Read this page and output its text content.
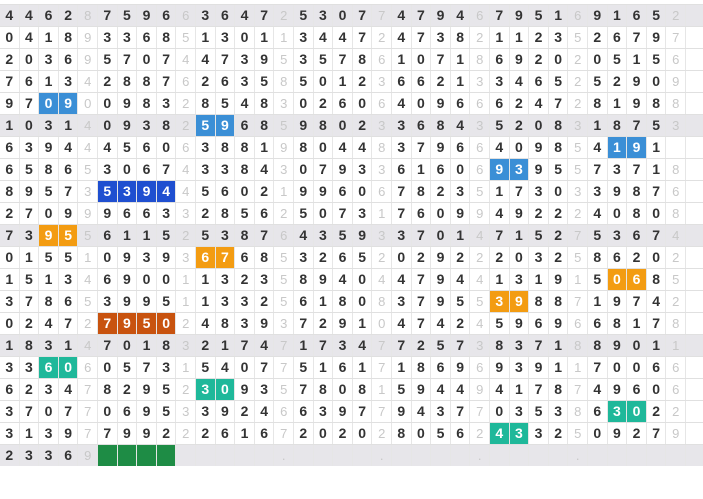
4 4 6 2 8 7 5 9 6 6 3 6 4 7 2 5 3 0 7 7 4 7 9 4 6 7 9 5 1 6 9 1 6 5 2
0 4 1 8 9 3 3 6 8 5 1 3 0 1 1 3 4 4 7 2 4 7 3 8 2 1 1 2 3 5 2 6 7 9 7
2 0 3 6 9 5 7 0 7 4 4 7 3 9 5 3 5 7 8 6 1 0 7 1 8 6 9 2 0 2 0 5 1 5 6
7 6 1 3 4 2 8 8 7 6 2 6 3 5 8 5 0 1 2 3 6 6 2 1 3 3 4 6 5 2 5 2 9 0 9
9 7 0 9 0 0 9 8 3 2 8 5 4 8 3 0 2 6 0 6 4 0 9 6 6 6 2 4 7 2 8 1 9 8 8
1 0 3 1 4 0 9 3 8 2 5 9 6 8 5 9 8 0 2 3 3 6 8 4 3 5 2 0 8 3 1 8 7 5 3
6 3 9 4 4 4 5 6 0 6 3 8 8 1 9 8 0 4 4 8 3 7 9 6 6 4 0 9 8 5 4 1 9 1
6 5 8 6 5 3 0 6 7 4 3 3 8 4 3 0 7 9 3 3 6 1 6 0 6 9 3 9 5 5 7 3 7 1 8
8 9 5 7 3 5 3 9 4 4 5 6 0 2 1 9 9 6 0 6 7 8 2 3 5 1 7 3 0 3 3 9 8 7 6
2 7 0 9 9 9 6 6 3 3 2 8 5 6 2 5 0 7 3 1 7 6 0 9 9 4 9 2 2 2 4 0 8 0 8
7 3 9 5 5 6 1 1 5 2 5 3 8 7 6 4 3 5 9 3 3 7 0 1 4 7 1 5 2 7 5 3 6 7 4
0 1 5 5 1 0 9 3 9 3 6 7 6 8 5 3 2 6 5 2 0 2 9 2 2 2 0 3 2 5 8 6 2 0 2
1 5 1 3 4 6 9 0 0 1 1 3 2 3 5 8 9 4 0 4 4 7 9 4 4 1 3 1 9 1 5 0 6 8 5
3 7 8 6 5 3 9 9 5 1 1 3 3 2 5 6 1 8 0 8 3 7 9 5 5 3 9 8 8 7 1 9 7 4 2
0 2 4 7 2 7 9 5 0 2 4 8 3 9 3 7 2 9 1 0 4 7 4 2 4 5 9 6 9 6 6 8 1 7 8
1 8 3 1 4 7 0 1 8 3 2 1 7 4 7 1 7 3 4 7 7 2 5 7 3 8 3 7 1 8 8 9 0 1 1
3 3 6 0 6 0 5 7 3 1 5 4 0 7 7 5 1 6 1 7 1 8 6 9 6 9 3 9 1 1 7 0 0 6 6
6 2 3 4 7 8 2 9 5 2 3 0 9 3 5 7 8 0 8 1 5 9 4 4 9 4 1 7 8 7 4 9 6 0 6
3 7 0 7 7 0 6 9 5 3 3 9 2 4 6 6 3 9 7 7 9 4 3 7 7 0 3 5 3 8 6 3 0 2 2
3 1 3 9 7 7 9 9 2 2 2 6 1 6 7 2 0 2 0 2 8 0 5 6 2 4 3 3 2 5 0 9 2 7 9
2 3 3 6 9	.	.	.	.
